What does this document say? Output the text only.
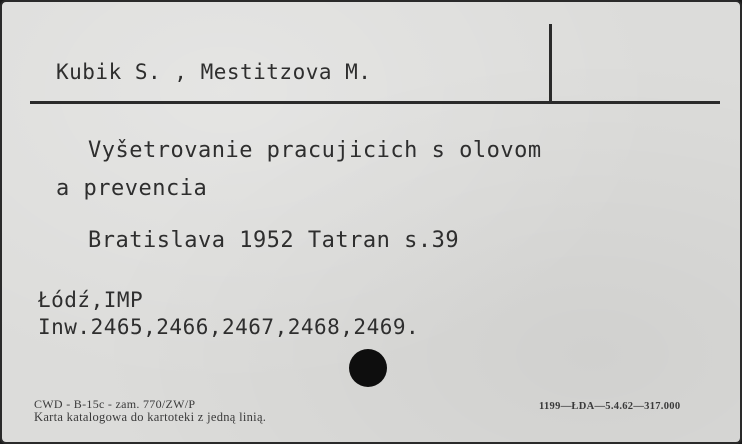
Kubik S. , Mestitzova M.
Vyšetrovanie pracujicich s olovom
a prevencia
Bratislava 1952 Tatran s.39
Łódź,IMP
Inw.2465,2466,2467,2468,2469.
CWD - B-15c - zam. 770/ZW/P
Karta katalogowa do kartoteki z jedną linią.
1199—ŁDA—5.4.62—317.000
